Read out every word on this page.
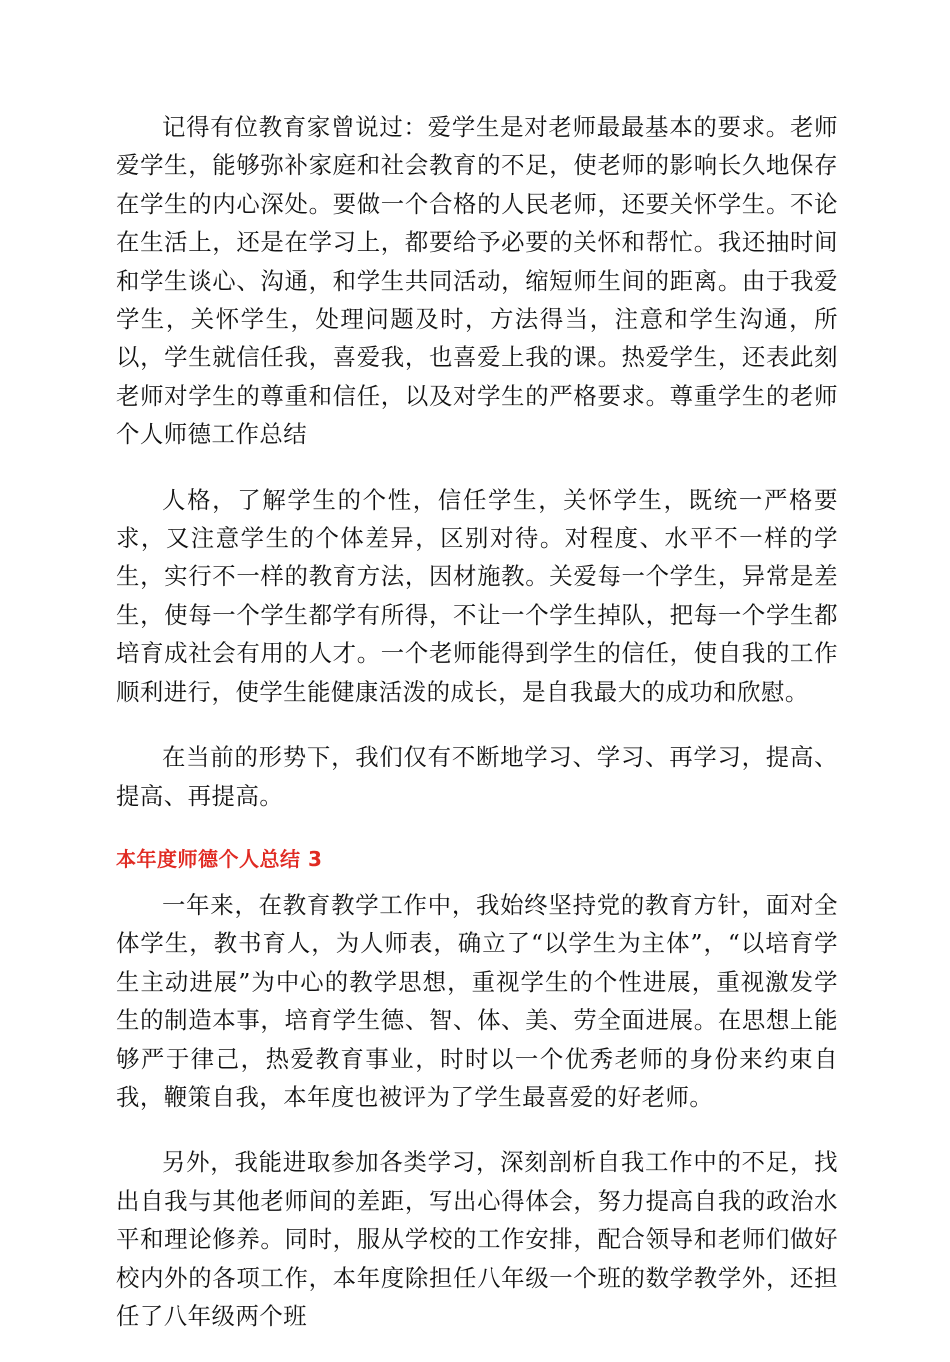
记得有位教育家曾说过：爱学生是对老师最最基本的要求。老师爱学生，能够弥补家庭和社会教育的不足，使老师的影响长久地保存在学生的内心深处。要做一个合格的人民老师，还要关怀学生。不论在生活上，还是在学习上，都要给予必要的关怀和帮忙。我还抽时间和学生谈心、沟通，和学生共同活动，缩短师生间的距离。由于我爱学生，关怀学生，处理问题及时，方法得当，注意和学生沟通，所以，学生就信任我，喜爱我，也喜爱上我的课。热爱学生，还表此刻老师对学生的尊重和信任，以及对学生的严格要求。尊重学生的老师个人师德工作总结

人格，了解学生的个性，信任学生，关怀学生，既统一严格要求，又注意学生的个体差异，区别对待。对程度、水平不一样的学生，实行不一样的教育方法，因材施教。关爱每一个学生，异常是差生，使每一个学生都学有所得，不让一个学生掉队，把每一个学生都培育成社会有用的人才。一个老师能得到学生的信任，使自我的工作顺利进行，使学生能健康活泼的成长，是自我最大的成功和欣慰。

在当前的形势下，我们仅有不断地学习、学习、再学习，提高、提高、再提高。

本年度师德个人总结 3

一年来，在教育教学工作中，我始终坚持党的教育方针，面对全体学生，教书育人，为人师表，确立了“以学生为主体”，“以培育学生主动进展”为中心的教学思想，重视学生的个性进展，重视激发学生的制造本事，培育学生德、智、体、美、劳全面进展。在思想上能够严于律己，热爱教育事业，时时以一个优秀老师的身份来约束自我，鞭策自我，本年度也被评为了学生最喜爱的好老师。

另外，我能进取参加各类学习，深刻剖析自我工作中的不足，找出自我与其他老师间的差距，写出心得体会，努力提高自我的政治水平和理论修养。同时，服从学校的工作安排，配合领导和老师们做好校内外的各项工作，本年度除担任八年级一个班的数学教学外，还担任了八年级两个班
